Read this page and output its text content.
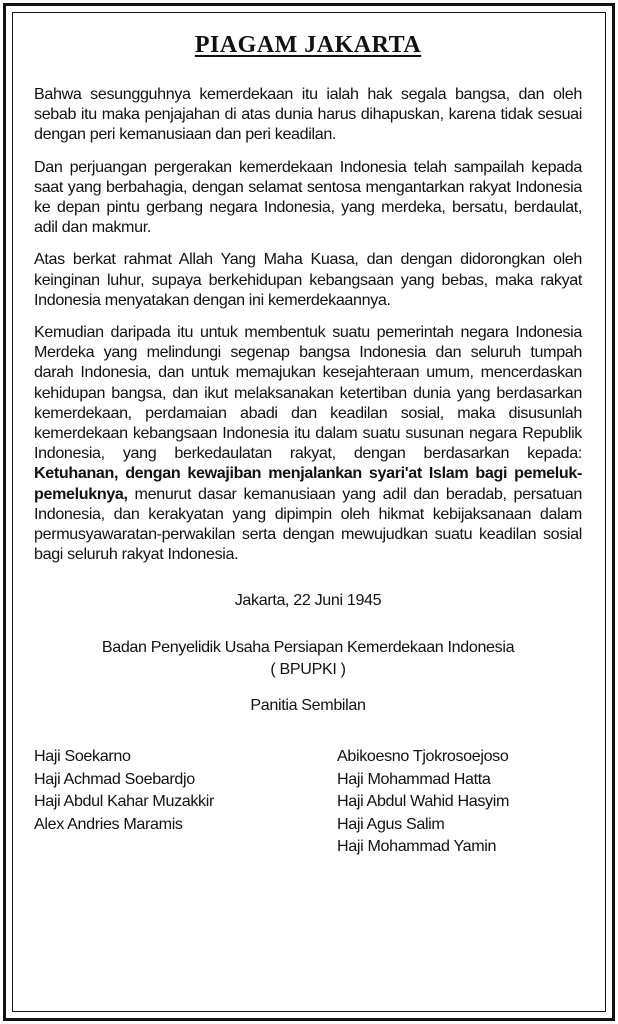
PIAGAM JAKARTA

Bahwa sesungguhnya kemerdekaan itu ialah hak segala bangsa, dan oleh sebab itu maka penjajahan di atas dunia harus dihapuskan, karena tidak sesuai dengan peri kemanusiaan dan peri keadilan.

Dan perjuangan pergerakan kemerdekaan Indonesia telah sampailah kepada saat yang berbahagia, dengan selamat sentosa mengantarkan rakyat Indonesia ke depan pintu gerbang negara Indonesia, yang merdeka, bersatu, berdaulat, adil dan makmur.

Atas berkat rahmat Allah Yang Maha Kuasa, dan dengan didorongkan oleh keinginan luhur, supaya berkehidupan kebangsaan yang bebas, maka rakyat Indonesia menyatakan dengan ini kemerdekaannya.

Kemudian daripada itu untuk membentuk suatu pemerintah negara Indonesia Merdeka yang melindungi segenap bangsa Indonesia dan seluruh tumpah darah Indonesia, dan untuk memajukan kesejahteraan umum, mencerdaskan kehidupan bangsa, dan ikut melaksanakan ketertiban dunia yang berdasarkan kemerdekaan, perdamaian abadi dan keadilan sosial, maka disusunlah kemerdekaan kebangsaan Indonesia itu dalam suatu susunan negara Republik Indonesia, yang berkedaulatan rakyat, dengan berdasarkan kepada: Ketuhanan, dengan kewajiban menjalankan syari'at Islam bagi pemeluk-pemeluknya, menurut dasar kemanusiaan yang adil dan beradab, persatuan Indonesia, dan kerakyatan yang dipimpin oleh hikmat kebijaksanaan dalam permusyawaratan-perwakilan serta dengan mewujudkan suatu keadilan sosial bagi seluruh rakyat Indonesia.

Jakarta, 22 Juni 1945

Badan Penyelidik Usaha Persiapan Kemerdekaan Indonesia

( BPUPKI )

Panitia Sembilan

Haji Soekarno
Haji Achmad Soebardjo
Haji Abdul Kahar Muzakkir
Alex Andries Maramis
Abikoesno Tjokrosoejoso
Haji Mohammad Hatta
Haji Abdul Wahid Hasyim
Haji Agus Salim
Haji Mohammad Yamin
